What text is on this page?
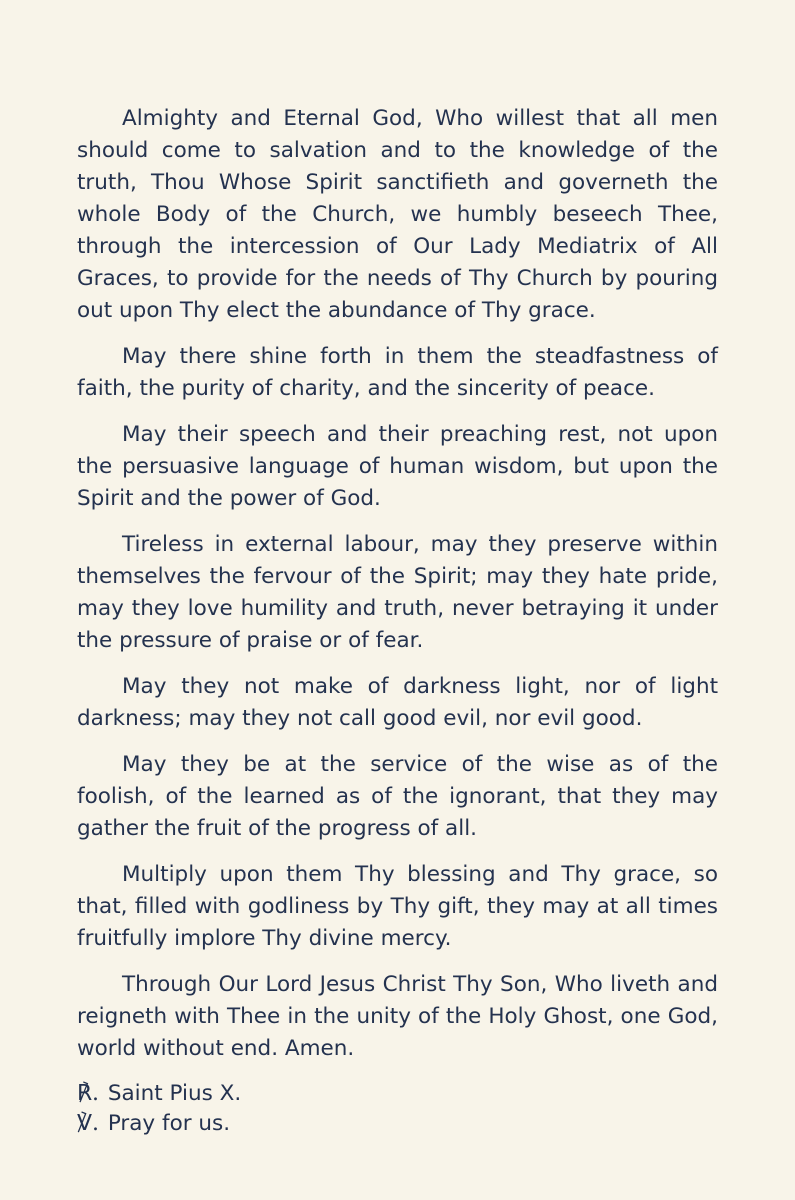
Almighty and Eternal God, Who willest that all men should come to salvation and to the knowledge of the truth, Thou Whose Spirit sanctifieth and governeth the whole Body of the Church, we humbly beseech Thee, through the intercession of Our Lady Mediatrix of All Graces, to provide for the needs of Thy Church by pouring out upon Thy elect the abundance of Thy grace.

May there shine forth in them the steadfastness of faith, the purity of charity, and the sincerity of peace.

May their speech and their preaching rest, not upon the persuasive language of human wisdom, but upon the Spirit and the power of God.

Tireless in external labour, may they preserve within themselves the fervour of the Spirit; may they hate pride, may they love humility and truth, never betraying it under the pressure of praise or of fear.

May they not make of darkness light, nor of light darkness; may they not call good evil, nor evil good.

May they be at the service of the wise as of the foolish, of the learned as of the ignorant, that they may gather the fruit of the progress of all.

Multiply upon them Thy blessing and Thy grace, so that, filled with godliness by Thy gift, they may at all times fruitfully implore Thy divine mercy.

Through Our Lord Jesus Christ Thy Son, Who liveth and reigneth with Thee in the unity of the Holy Ghost, one God, world without end. Amen.

℟. Saint Pius X.
℣. Pray for us.
